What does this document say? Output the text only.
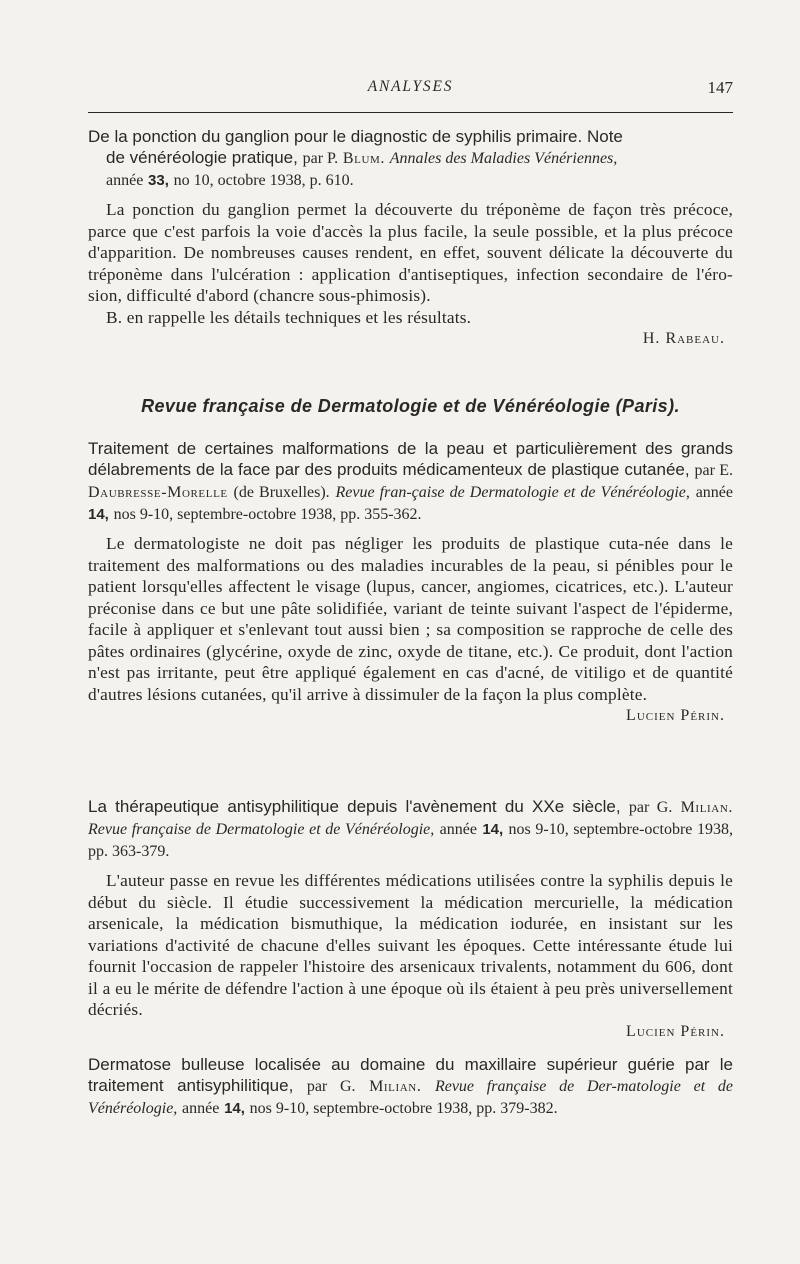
ANALYSES	147
De la ponction du ganglion pour le diagnostic de syphilis primaire. Note
de vénéréologie pratique, par P. Blum. Annales des Maladies Vénériennes,
année 33, no 10, octobre 1938, p. 610.

La ponction du ganglion permet la découverte du tréponème de façon très précoce, parce que c'est parfois la voie d'accès la plus facile, la seule possible, et la plus précoce d'apparition. De nombreuses causes rendent, en effet, souvent délicate la découverte du tréponème dans l'ulcération : application d'antiseptiques, infection secondaire de l'éro-sion, difficulté d'abord (chancre sous-phimosis).

B. en rappelle les détails techniques et les résultats.

H. Rabeau.
Revue française de Dermatologie et de Vénéréologie (Paris).
Traitement de certaines malformations de la peau et particulièrement des grands délabrements de la face par des produits médicamenteux de plastique cutanée, par E. Daubresse-Morelle (de Bruxelles). Revue fran-çaise de Dermatologie et de Vénéréologie, année 14, nos 9-10, septembre-octobre 1938, pp. 355-362.

Le dermatologiste ne doit pas négliger les produits de plastique cuta-née dans le traitement des malformations ou des maladies incurables de la peau, si pénibles pour le patient lorsqu'elles affectent le visage (lupus, cancer, angiomes, cicatrices, etc.). L'auteur préconise dans ce but une pâte solidifiée, variant de teinte suivant l'aspect de l'épiderme, facile à appliquer et s'enlevant tout aussi bien ; sa composition se rapproche de celle des pâtes ordinaires (glycérine, oxyde de zinc, oxyde de titane, etc.). Ce produit, dont l'action n'est pas irritante, peut être appliqué également en cas d'acné, de vitiligo et de quantité d'autres lésions cutanées, qu'il arrive à dissimuler de la façon la plus complète.

Lucien Périn.
La thérapeutique antisyphilitique depuis l'avènement du XXe siècle, par G. Milian. Revue française de Dermatologie et de Vénéréologie, année 14, nos 9-10, septembre-octobre 1938, pp. 363-379.

L'auteur passe en revue les différentes médications utilisées contre la syphilis depuis le début du siècle. Il étudie successivement la médication mercurielle, la médication arsenicale, la médication bismuthique, la médication iodurée, en insistant sur les variations d'activité de chacune d'elles suivant les époques. Cette intéressante étude lui fournit l'occasion de rappeler l'histoire des arsenicaux trivalents, notamment du 606, dont il a eu le mérite de défendre l'action à une époque où ils étaient à peu près universellement décriés.

Lucien Périn.
Dermatose bulleuse localisée au domaine du maxillaire supérieur guérie par le traitement antisyphilitique, par G. Milian. Revue française de Der-matologie et de Vénéréologie, année 14, nos 9-10, septembre-octobre 1938, pp. 379-382.
